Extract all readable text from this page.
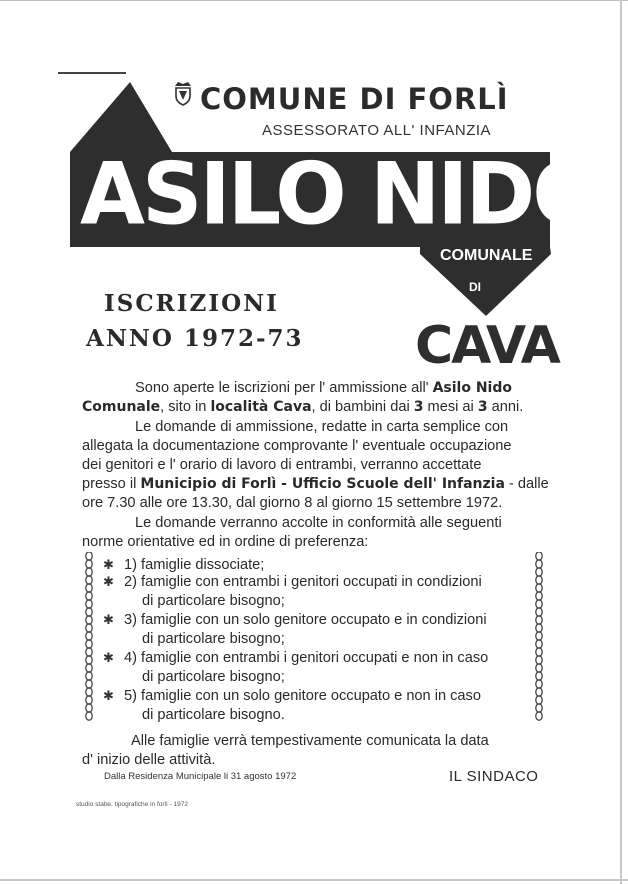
COMUNE DI FORLÌ
ASSESSORATO ALL' INFANZIA
ASILO NIDO
COMUNALE
DI
CAVA
ISCRIZIONI
ANNO 1972-73
Sono aperte le iscrizioni per l' ammissione all' Asilo Nido
Comunale, sito in località Cava, di bambini dai 3 mesi ai 3 anni.
Le domande di ammissione, redatte in carta semplice con
allegata la documentazione comprovante l' eventuale occupazione
dei genitori e l' orario di lavoro di entrambi, verranno accettate
presso il Municipio di Forlì - Ufficio Scuole dell' Infanzia - dalle
ore 7.30 alle ore 13.30, dal giorno 8 al giorno 15 settembre 1972.
Le domande verranno accolte in conformità alle seguenti
norme orientative ed in ordine di preferenza:
✱ 1) famiglie dissociate;
✱ 2) famiglie con entrambi i genitori occupati in condizioni
di particolare bisogno;
✱ 3) famiglie con un solo genitore occupato e in condizioni
di particolare bisogno;
✱ 4) famiglie con entrambi i genitori occupati e non in caso
di particolare bisogno;
✱ 5) famiglie con un solo genitore occupato e non in caso
di particolare bisogno.
Alle famiglie verrà tempestivamente comunicata la data
d' inizio delle attività.
Dalla Residenza Municipale li 31 agosto 1972	IL SINDACO
studio stabe. tipografiche in forlì - 1972
